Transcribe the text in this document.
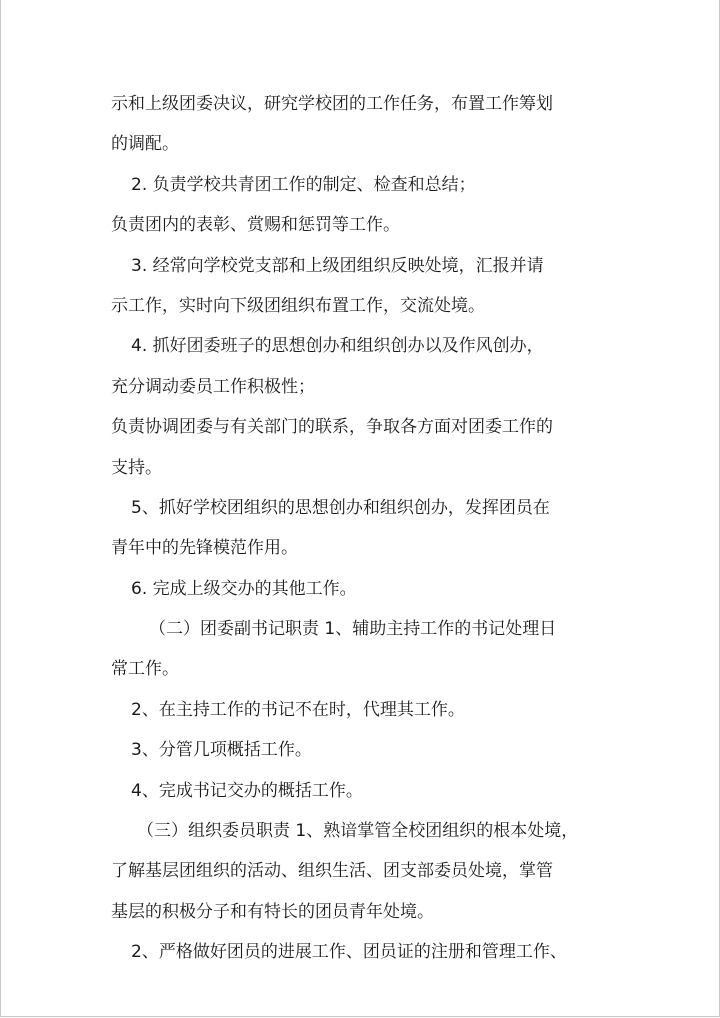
示和上级团委决议，研究学校团的工作任务，布置工作筹划
的调配。
2. 负责学校共青团工作的制定、检查和总结；
负责团内的表彰、赏赐和惩罚等工作。
3. 经常向学校党支部和上级团组织反映处境，汇报并请
示工作，实时向下级团组织布置工作，交流处境。
4. 抓好团委班子的思想创办和组织创办以及作风创办，
充分调动委员工作积极性；
负责协调团委与有关部门的联系，争取各方面对团委工作的
支持。
5、抓好学校团组织的思想创办和组织创办，发挥团员在
青年中的先锋模范作用。
6. 完成上级交办的其他工作。
（二）团委副书记职责 1、辅助主持工作的书记处理日
常工作。
2、在主持工作的书记不在时，代理其工作。
3、分管几项概括工作。
4、完成书记交办的概括工作。
（三）组织委员职责 1、熟谙掌管全校团组织的根本处境，
了解基层团组织的活动、组织生活、团支部委员处境，掌管
基层的积极分子和有特长的团员青年处境。
2、严格做好团员的进展工作、团员证的注册和管理工作、
